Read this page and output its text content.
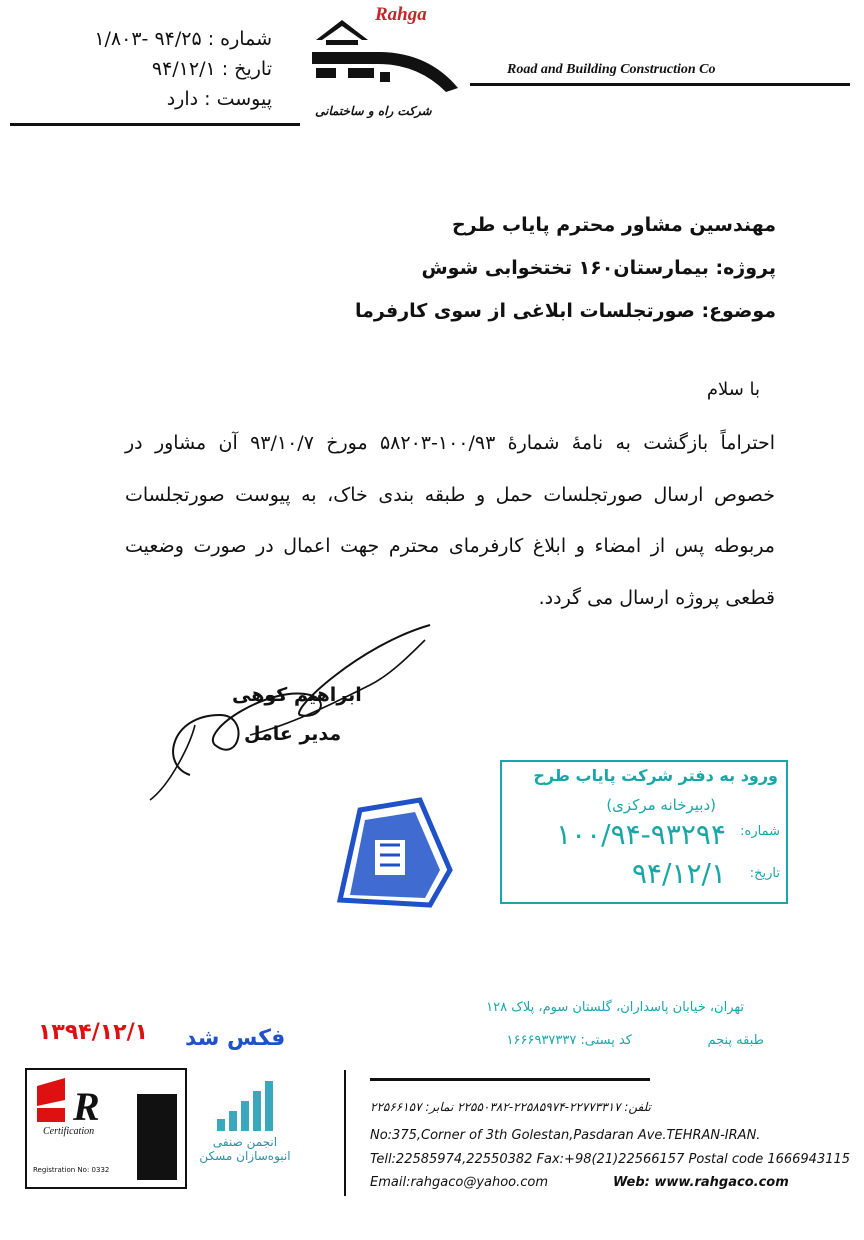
شماره : ۹۴/۲۵ -۱/۸۰۳
تاریخ : ۹۴/۱۲/۱
پیوست : دارد
Rahga
Road and Building Construction Co
شرکت راه و ساختمانی
مهندسین مشاور محترم پایاب طرح
پروژه: بیمارستان۱۶۰ تختخوابی شوش
موضوع: صورتجلسات ابلاغی از سوی کارفرما
با سلام
احتراماً بازگشت به نامهٔ شمارهٔ ۱۰۰/۹۳-۵۸۲۰۳ مورخ ۹۳/۱۰/۷ آن مشاور در خصوص ارسال صورتجلسات حمل و طبقه بندی خاک، به پیوست صورتجلسات مربوطه پس از امضاء و ابلاغ کارفرمای محترم جهت اعمال در صورت وضعیت قطعی پروژه ارسال می گردد.
ابراهیم کوهی
مدیر عامل
ورود به دفتر شرکت پایاب طرح
(دبیرخانه مرکزی)
شماره:
۱۰۰/۹۴-۹۳۲۹۴
تاریخ:
۹۴/۱۲/۱
۱۳۹۴/۱۲/۱ فکس شد
تهران، خیابان پاسداران، گلستان سوم، پلاک ۱۲۸
طبقه پنجم
کد پستی: ۱۶۶۶۹۳۷۳۳۷
تلفن: ۲۲۷۷۳۳۱۷-۲۲۵۸۵۹۷۴-۲۲۵۵۰۳۸۲ نمابر: ۲۲۵۶۶۱۵۷
No:375,Corner of 3th Golestan,Pasdaran Ave.TEHRAN-IRAN.
Tell:22585974,22550382 Fax:+98(21)22566157 Postal code 1666943115
Email:rahgaco@yahoo.com	Web: www.rahgaco.com
R
Certification
Registration No: 0332
انجمن صنفی انبوه‌سازان مسکن
